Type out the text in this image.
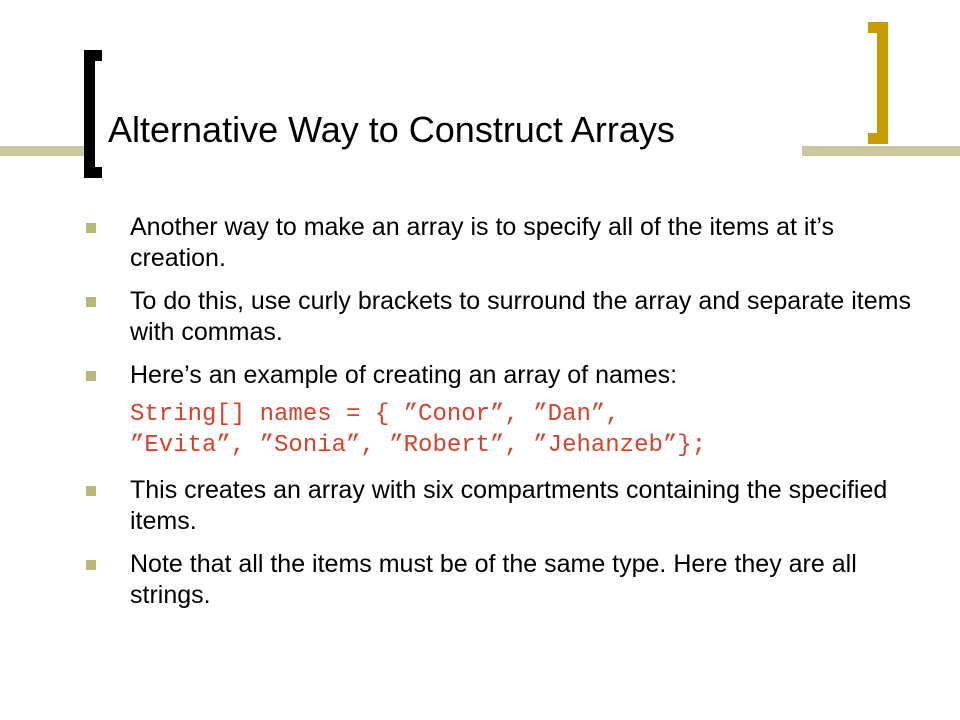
Alternative Way to Construct Arrays
Another way to make an array is to specify all of the items at it’s creation.
To do this, use curly brackets to surround the array and separate items with commas.
Here’s an example of creating an array of names:
String[] names = { ”Conor”, ”Dan”,
”Evita”, ”Sonia”, ”Robert”, ”Jehanzeb”};
This creates an array with six compartments containing the specified items.
Note that all the items must be of the same type. Here they are all strings.
